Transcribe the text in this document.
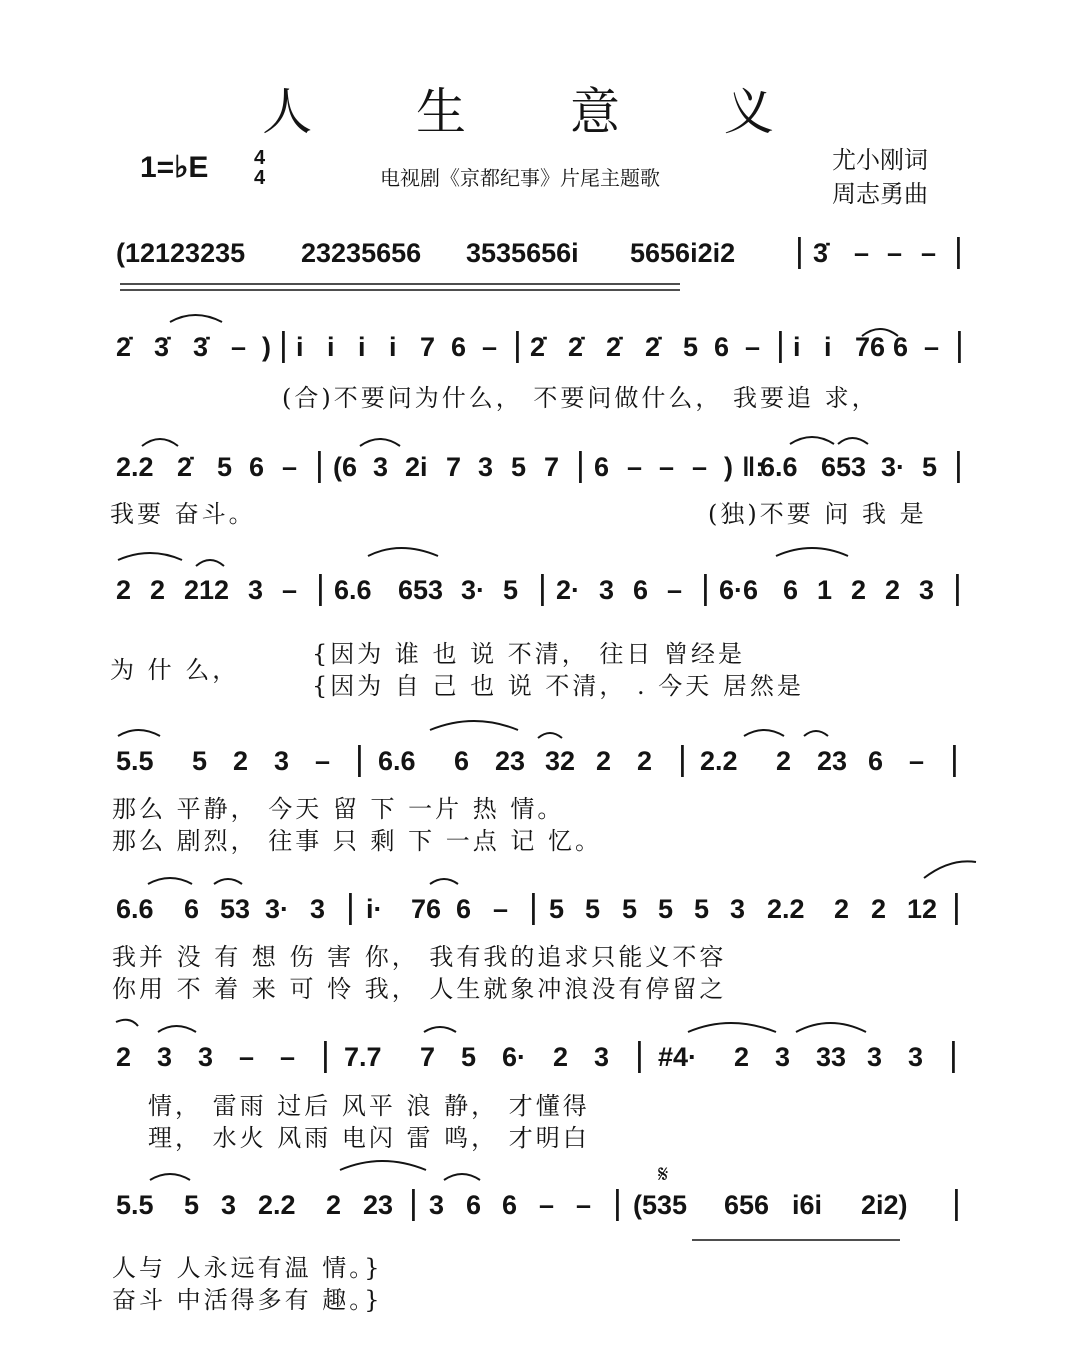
人 生 意 义
1=♭E 4
4	电视剧《京都纪事》片尾主题歌
尤小刚词
周志勇曲
(12123235 23235656 3535656i 5656i2i2 | 3̇ – – – |
2̇ 3̇ 3̇ – ) | i i i i 7 6 – | 2̇ 2̇ 2̇ 2̇ 5 6 – | i i 76 6 – |
2.2 2̇ 5 6 – | (6 3 2i 7 3 5 7 | 6 – – – ) ‖:
6.6 653 3· 5 |
2 2 212 3 – | 6.6 653 3· 5 | 2· 3 6 – | 6·6 6 1 2 2 3 |
5.5 5 2 3 – | 6.6 6 23 32 2 2 | 2.2 2 23 6 – |
6.6 6 53 3· 3 | i· 76 6 – | 5 5 5 5 5 3 2.2 2 2 12 |
2 3 3 – – | 7.7 7 5 6· 2 3 | #4· 2 3 33 3 3 |
5.5 5 3 2.2 2 23 | 3 6 6 – – | (535 656 i6i 2i2) |
(合)不要问为什么， 不要问做什么， 我要追 求，
我要 奋斗。	(独)不要 问 我 是
为 什 么，
{因为 谁 也 说 不清， 往日 曾经是
{因为 自 己 也 说 不清， . 今天 居然是
那么 平静， 今天 留 下 一片 热 情。
那么 剧烈， 往事 只 剩 下 一点 记 忆。
我并 没 有 想 伤 害 你， 我有我的追求只能义不容
你用 不 着 来 可 怜 我， 人生就象冲浪没有停留之
情， 雷雨 过后 风平 浪 静， 才懂得
理， 水火 风雨 电闪 雷 鸣， 才明白
人与 人永远有温 情。}
奋斗 中活得多有 趣。}
𝄋
